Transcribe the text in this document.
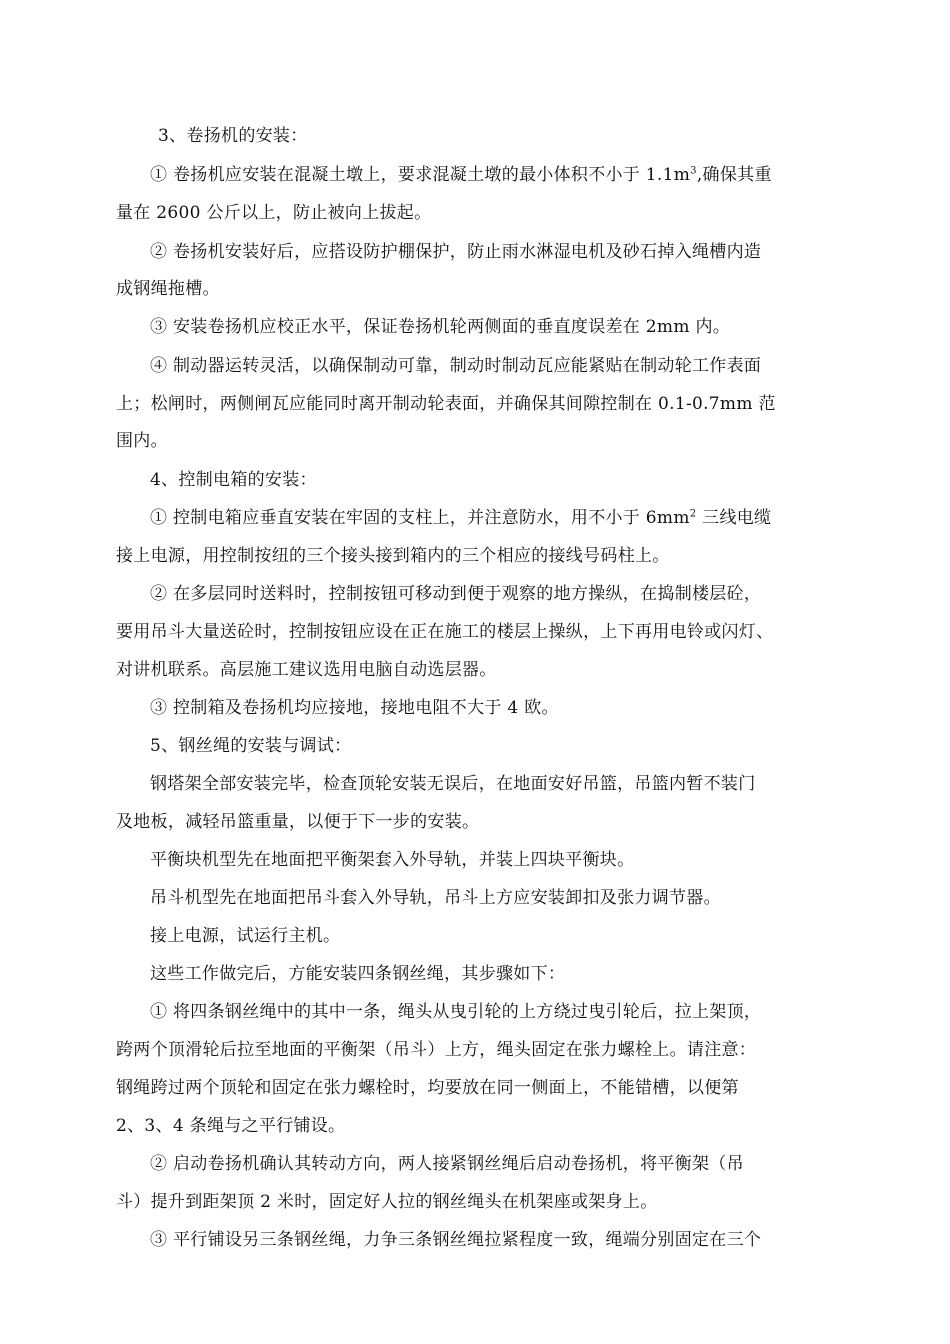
3、卷扬机的安装：
① 卷扬机应安装在混凝土墩上，要求混凝土墩的最小体积不小于 $1.1m^3$,确保其重
量在 2600 公斤以上，防止被向上拔起。
② 卷扬机安装好后，应搭设防护棚保护，防止雨水淋湿电机及砂石掉入绳槽内造
成钢绳拖槽。
③ 安装卷扬机应校正水平，保证卷扬机轮两侧面的垂直度误差在 2mm 内。
④ 制动器运转灵活，以确保制动可靠，制动时制动瓦应能紧贴在制动轮工作表面
上；松闸时，两侧闸瓦应能同时离开制动轮表面，并确保其间隙控制在 0.1-0.7mm 范
围内。
4、控制电箱的安装：
① 控制电箱应垂直安装在牢固的支柱上，并注意防水，用不小于 $6mm^2$ 三线电缆
接上电源，用控制按纽的三个接头接到箱内的三个相应的接线号码柱上。
② 在多层同时送料时，控制按钮可移动到便于观察的地方操纵，在捣制楼层砼，
要用吊斗大量送砼时，控制按钮应设在正在施工的楼层上操纵，上下再用电铃或闪灯、
对讲机联系。高层施工建议选用电脑自动选层器。
③ 控制箱及卷扬机均应接地，接地电阻不大于 4 欧。
5、钢丝绳的安装与调试：
钢塔架全部安装完毕，检查顶轮安装无误后，在地面安好吊篮，吊篮内暂不装门
及地板，减轻吊篮重量，以便于下一步的安装。
平衡块机型先在地面把平衡架套入外导轨，并装上四块平衡块。
吊斗机型先在地面把吊斗套入外导轨，吊斗上方应安装卸扣及张力调节器。
接上电源，试运行主机。
这些工作做完后，方能安装四条钢丝绳，其步骤如下：
① 将四条钢丝绳中的其中一条，绳头从曳引轮的上方绕过曳引轮后，拉上架顶，
跨两个顶滑轮后拉至地面的平衡架（吊斗）上方，绳头固定在张力螺栓上。请注意：
钢绳跨过两个顶轮和固定在张力螺栓时，均要放在同一侧面上，不能错槽，以便第
2、3、4 条绳与之平行铺设。
② 启动卷扬机确认其转动方向，两人接紧钢丝绳后启动卷扬机，将平衡架（吊
斗）提升到距架顶 2 米时，固定好人拉的钢丝绳头在机架座或架身上。
③ 平行铺设另三条钢丝绳，力争三条钢丝绳拉紧程度一致，绳端分别固定在三个
